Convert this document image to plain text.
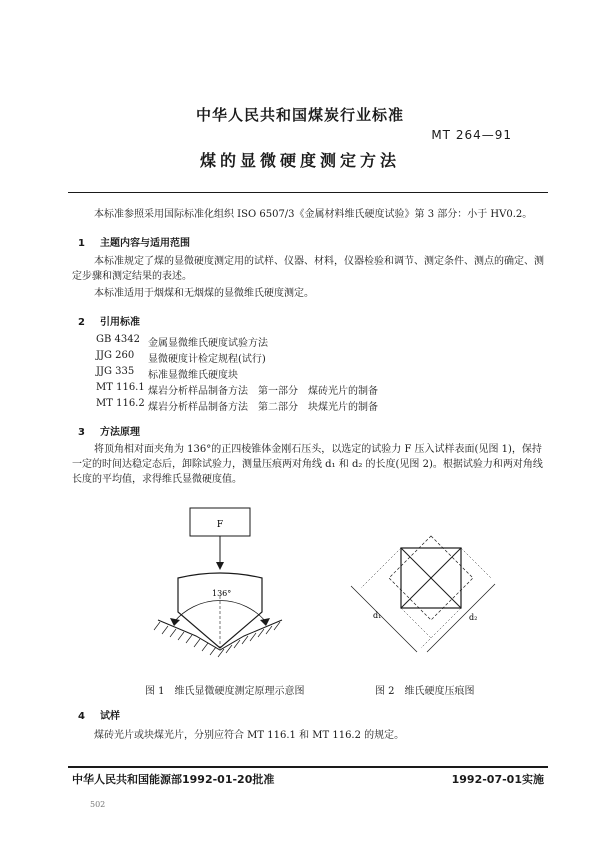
中华人民共和国煤炭行业标准
MT 264—91
煤的显微硬度测定方法
本标准参照采用国际标准化组织 ISO 6507/3《金属材料维氏硬度试验》第 3 部分：小于 HV0.2。
1 主题内容与适用范围
本标准规定了煤的显微硬度测定用的试样、仪器、材料，仪器检验和调节、测定条件、测点的确定、测定步骤和测定结果的表述。
本标准适用于烟煤和无烟煤的显微维氏硬度测定。
2 引用标准
GB 4342 金属显微维氏硬度试验方法
JJG 260	显微硬度计检定规程(试行)
JJG 335	标准显微维氏硬度块
MT 116.1 煤岩分析样品制备方法　第一部分　煤砖光片的制备
MT 116.2 煤岩分析样品制备方法　第二部分　块煤光片的制备
3 方法原理
将顶角相对面夹角为 136°的正四棱锥体金刚石压头，以选定的试验力 F 压入试样表面(见图 1)，保持一定的时间达稳定态后，卸除试验力，测量压痕两对角线 d₁ 和 d₂ 的长度(见图 2)。根据试验力和两对角线长度的平均值，求得维氏显微硬度值。
F
136°
d₁	d₂
图 1　维氏显微硬度测定原理示意图	图 2　维氏硬度压痕图
4 试样
煤砖光片或块煤光片，分别应符合 MT 116.1 和 MT 116.2 的规定。
中华人民共和国能源部1992-01-20批准	1992-07-01实施
502
